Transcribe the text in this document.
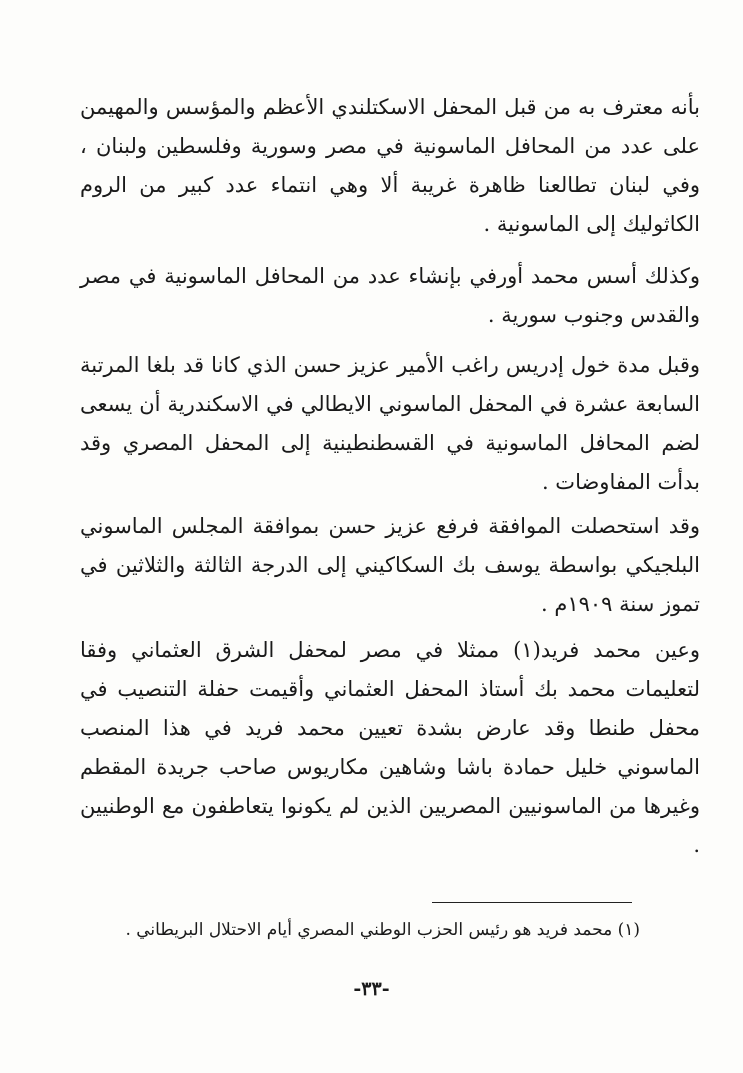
بأنه معترف به من قبل المحفل الاسكتلندي الأعظم والمؤسس والمهيمن على عدد من المحافل الماسونية في مصر وسورية وفلسطين ولبنان ، وفي لبنان تطالعنا ظاهرة غريبة ألا وهي انتماء عدد كبير من الروم الكاثوليك إلى الماسونية .

وكذلك أسس محمد أورفي بإنشاء عدد من المحافل الماسونية في مصر والقدس وجنوب سورية .

وقبل مدة خول إدريس راغب الأمير عزيز حسن الذي كانا قد بلغا المرتبة السابعة عشرة في المحفل الماسوني الايطالي في الاسكندرية أن يسعى لضم المحافل الماسونية في القسطنطينية إلى المحفل المصري وقد بدأت المفاوضات .

وقد استحصلت الموافقة فرفع عزيز حسن بموافقة المجلس الماسوني البلجيكي بواسطة يوسف بك السكاكيني إلى الدرجة الثالثة والثلاثين في تموز سنة ١٩٠٩م .

وعين محمد فريد(١) ممثلا في مصر لمحفل الشرق العثماني وفقا لتعليمات محمد بك أستاذ المحفل العثماني وأقيمت حفلة التنصيب في محفل طنطا وقد عارض بشدة تعيين محمد فريد في هذا المنصب الماسوني خليل حمادة باشا وشاهين مكاريوس صاحب جريدة المقطم وغيرها من الماسونيين المصريين الذين لم يكونوا يتعاطفون مع الوطنيين .

(١) محمد فريد هو رئيس الحزب الوطني المصري أيام الاحتلال البريطاني .

-٣٣-
